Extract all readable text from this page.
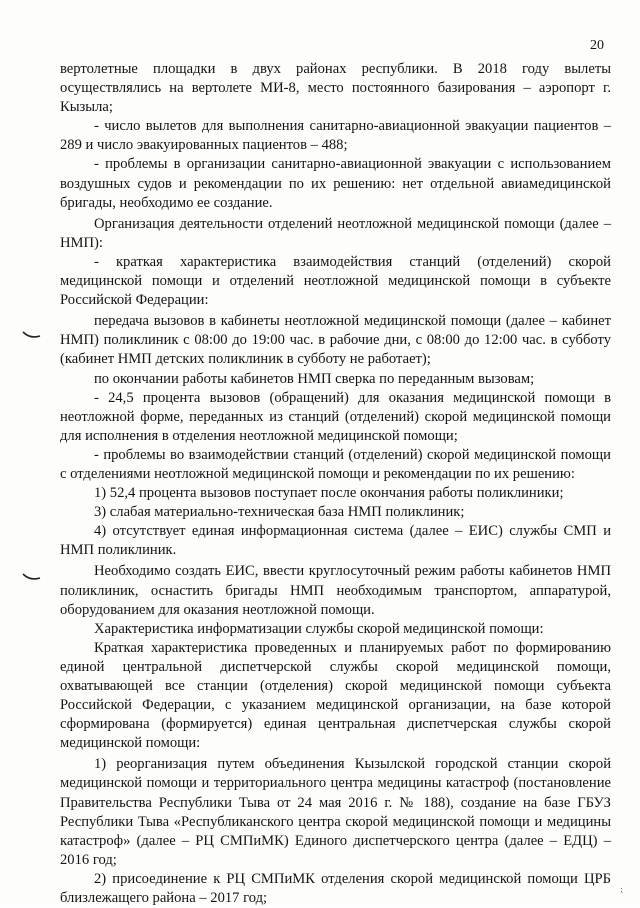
20

вертолетные площадки в двух районах республики. В 2018 году вылеты осуществлялись на вертолете МИ-8, место постоянного базирования – аэропорт г. Кызыла;

- число вылетов для выполнения санитарно-авиационной эвакуации пациентов – 289 и число эвакуированных пациентов – 488;

- проблемы в организации санитарно-авиационной эвакуации с использованием воздушных судов и рекомендации по их решению: нет отдельной авиамедицинской бригады, необходимо ее создание.

Организация деятельности отделений неотложной медицинской помощи (далее – НМП):

- краткая характеристика взаимодействия станций (отделений) скорой медицинской помощи и отделений неотложной медицинской помощи в субъекте Российской Федерации:

передача вызовов в кабинеты неотложной медицинской помощи (далее – кабинет НМП) поликлиник с 08:00 до 19:00 час. в рабочие дни, с 08:00 до 12:00 час. в субботу (кабинет НМП детских поликлиник в субботу не работает);

по окончании работы кабинетов НМП сверка по переданным вызовам;

- 24,5 процента вызовов (обращений) для оказания медицинской помощи в неотложной форме, переданных из станций (отделений) скорой медицинской помощи для исполнения в отделения неотложной медицинской помощи;

- проблемы во взаимодействии станций (отделений) скорой медицинской помощи с отделениями неотложной медицинской помощи и рекомендации по их решению:

1) 52,4 процента вызовов поступает после окончания работы поликлиники;

3) слабая материально-техническая база НМП поликлиник;

4) отсутствует единая информационная система (далее – ЕИС) службы СМП и НМП поликлиник.

Необходимо создать ЕИС, ввести круглосуточный режим работы кабинетов НМП поликлиник, оснастить бригады НМП необходимым транспортом, аппаратурой, оборудованием для оказания неотложной помощи.

Характеристика информатизации службы скорой медицинской помощи:

Краткая характеристика проведенных и планируемых работ по формированию единой центральной диспетчерской службы скорой медицинской помощи, охватывающей все станции (отделения) скорой медицинской помощи субъекта Российской Федерации, с указанием медицинской организации, на базе которой сформирована (формируется) единая центральная диспетчерская службы скорой медицинской помощи:

1) реорганизация путем объединения Кызылской городской станции скорой медицинской помощи и территориального центра медицины катастроф (постановление Правительства Республики Тыва от 24 мая 2016 г. № 188), создание на базе ГБУЗ Республики Тыва «Республиканского центра скорой медицинской помощи и медицины катастроф» (далее – РЦ СМПиМК) Единого диспетчерского центра (далее – ЕДЦ) – 2016 год;

2) присоединение к РЦ СМПиМК отделения скорой медицинской помощи ЦРБ близлежащего района – 2017 год;

⁏
